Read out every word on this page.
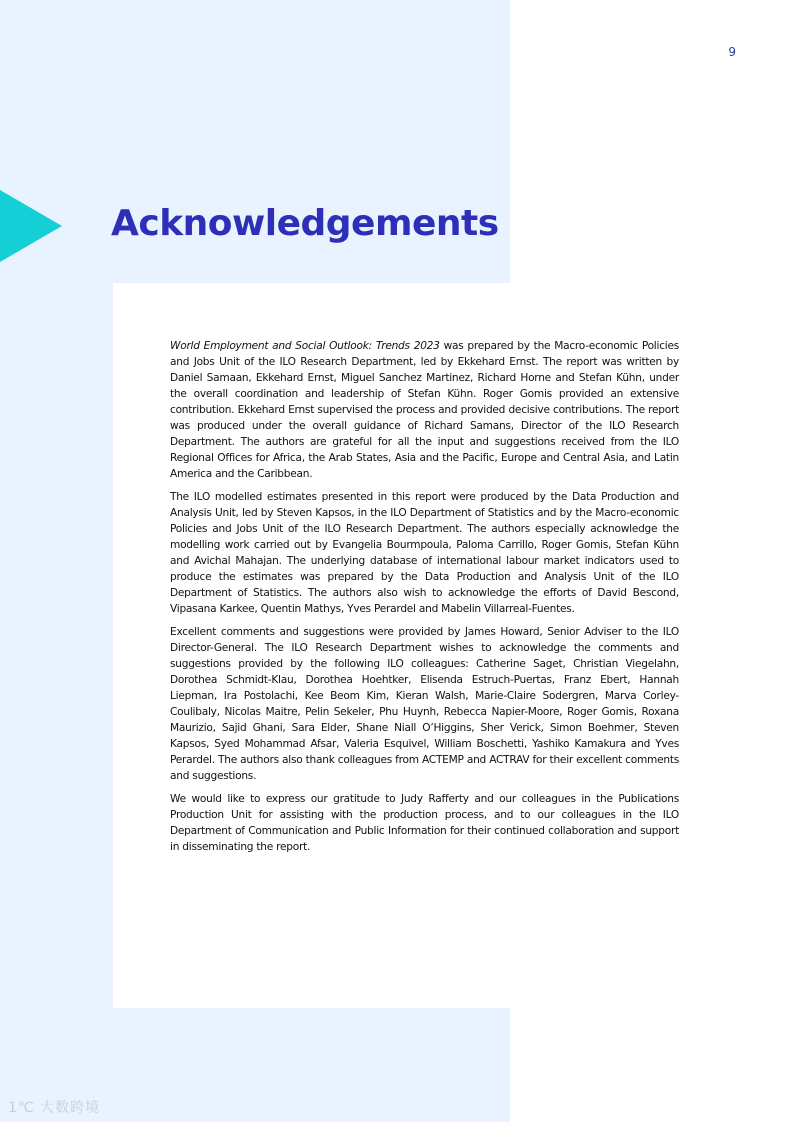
9
Acknowledgements

World Employment and Social Outlook: Trends 2023 was prepared by the Macro-economic Policies and Jobs Unit of the ILO Research Department, led by Ekkehard Ernst. The report was written by Daniel Samaan, Ekkehard Ernst, Miguel Sanchez Martinez, Richard Horne and Stefan Kühn, under the overall coordination and leadership of Stefan Kühn. Roger Gomis provided an extensive contribution. Ekkehard Ernst supervised the process and provided decisive contributions. The report was produced under the overall guidance of Richard Samans, Director of the ILO Research Department. The authors are grateful for all the input and suggestions received from the ILO Regional Offices for Africa, the Arab States, Asia and the Pacific, Europe and Central Asia, and Latin America and the Caribbean.

The ILO modelled estimates presented in this report were produced by the Data Production and Analysis Unit, led by Steven Kapsos, in the ILO Department of Statistics and by the Macro-economic Policies and Jobs Unit of the ILO Research Department. The authors especially acknowledge the modelling work carried out by Evangelia Bourmpoula, Paloma Carrillo, Roger Gomis, Stefan Kühn and Avichal Mahajan. The underlying database of international labour market indicators used to produce the estimates was prepared by the Data Production and Analysis Unit of the ILO Department of Statistics. The authors also wish to acknowledge the efforts of David Bescond, Vipasana Karkee, Quentin Mathys, Yves Perardel and Mabelin Villarreal-Fuentes.

Excellent comments and suggestions were provided by James Howard, Senior Adviser to the ILO Director-General. The ILO Research Department wishes to acknowledge the comments and suggestions provided by the following ILO colleagues: Catherine Saget, Christian Viegelahn, Dorothea Schmidt-Klau, Dorothea Hoehtker, Elisenda Estruch-Puertas, Franz Ebert, Hannah Liepman, Ira Postolachi, Kee Beom Kim, Kieran Walsh, Marie-Claire Sodergren, Marva Corley-Coulibaly, Nicolas Maitre, Pelin Sekeler, Phu Huynh, Rebecca Napier-Moore, Roger Gomis, Roxana Maurizio, Sajid Ghani, Sara Elder, Shane Niall O’Higgins, Sher Verick, Simon Boehmer, Steven Kapsos, Syed Mohammad Afsar, Valeria Esquivel, William Boschetti, Yashiko Kamakura and Yves Perardel. The authors also thank colleagues from ACTEMP and ACTRAV for their excellent comments and suggestions.

We would like to express our gratitude to Judy Rafferty and our colleagues in the Publications Production Unit for assisting with the production process, and to our colleagues in the ILO Department of Communication and Public Information for their continued collaboration and support in disseminating the report.

1℃ 大数跨境
